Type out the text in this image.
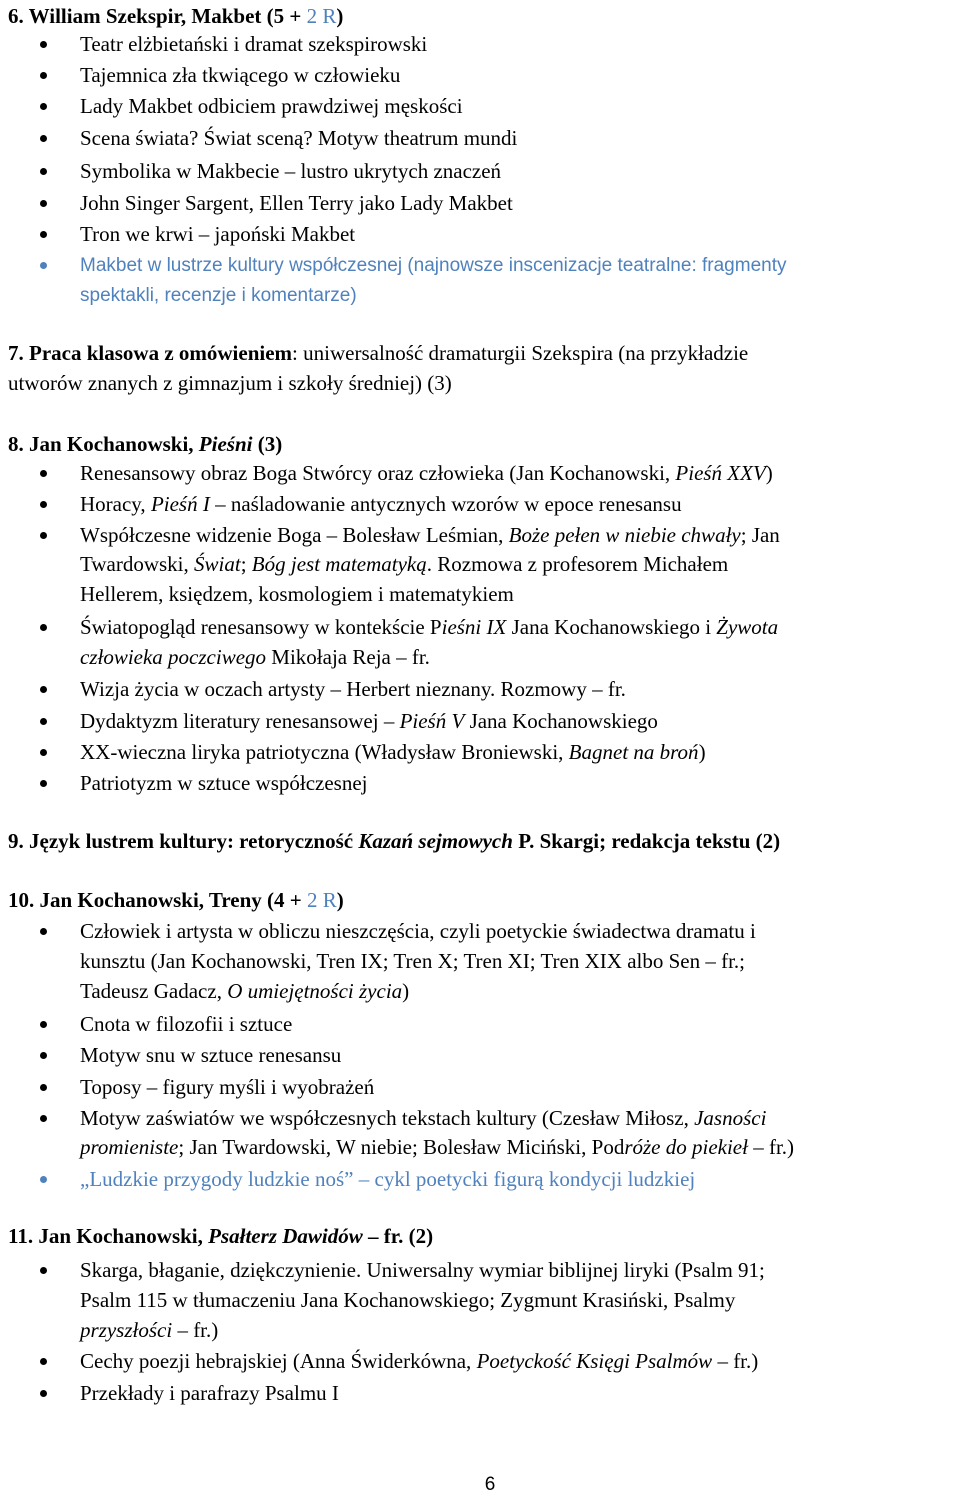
6. William Szekspir, Makbet (5 + 2 R)
Teatr elżbietański i dramat szekspirowski
Tajemnica zła tkwiącego w człowieku
Lady Makbet odbiciem prawdziwej męskości
Scena świata? Świat sceną? Motyw theatrum mundi
Symbolika w Makbecie – lustro ukrytych znaczeń
John Singer Sargent, Ellen Terry jako Lady Makbet
Tron we krwi – japoński Makbet
Makbet w lustrze kultury współczesnej (najnowsze inscenizacje teatralne: fragmenty
spektakli, recenzje i komentarze)
7. Praca klasowa z omówieniem: uniwersalność dramaturgii Szekspira (na przykładzie
utworów znanych z gimnazjum i szkoły średniej) (3)
8. Jan Kochanowski, Pieśni (3)
Renesansowy obraz Boga Stwórcy oraz człowieka (Jan Kochanowski, Pieśń XXV)
Horacy, Pieśń I – naśladowanie antycznych wzorów w epoce renesansu
Współczesne widzenie Boga – Bolesław Leśmian, Boże pełen w niebie chwały; Jan
Twardowski, Świat; Bóg jest matematyką. Rozmowa z profesorem Michałem
Hellerem, księdzem, kosmologiem i matematykiem
Światopogląd renesansowy w kontekście Pieśni IX Jana Kochanowskiego i Żywota
człowieka poczciwego Mikołaja Reja – fr.
Wizja życia w oczach artysty – Herbert nieznany. Rozmowy – fr.
Dydaktyzm literatury renesansowej – Pieśń V Jana Kochanowskiego
XX-wieczna liryka patriotyczna (Władysław Broniewski, Bagnet na broń)
Patriotyzm w sztuce współczesnej
9. Język lustrem kultury: retoryczność Kazań sejmowych P. Skargi; redakcja tekstu (2)
10. Jan Kochanowski, Treny (4 + 2 R)
Człowiek i artysta w obliczu nieszczęścia, czyli poetyckie świadectwa dramatu i
kunsztu (Jan Kochanowski, Tren IX; Tren X; Tren XI; Tren XIX albo Sen – fr.;
Tadeusz Gadacz, O umiejętności życia)
Cnota w filozofii i sztuce
Motyw snu w sztuce renesansu
Toposy – figury myśli i wyobrażeń
Motyw zaświatów we współczesnych tekstach kultury (Czesław Miłosz, Jasności
promieniste; Jan Twardowski, W niebie; Bolesław Miciński, Podróże do piekieł – fr.)
„Ludzkie przygody ludzkie noś” – cykl poetycki figurą kondycji ludzkiej
11. Jan Kochanowski, Psałterz Dawidów – fr. (2)
Skarga, błaganie, dziękczynienie. Uniwersalny wymiar biblijnej liryki (Psalm 91;
Psalm 115 w tłumaczeniu Jana Kochanowskiego; Zygmunt Krasiński, Psalmy
przyszłości – fr.)
Cechy poezji hebrajskiej (Anna Świderkówna, Poetyckość Księgi Psalmów – fr.)
Przekłady i parafrazy Psalmu I
6
